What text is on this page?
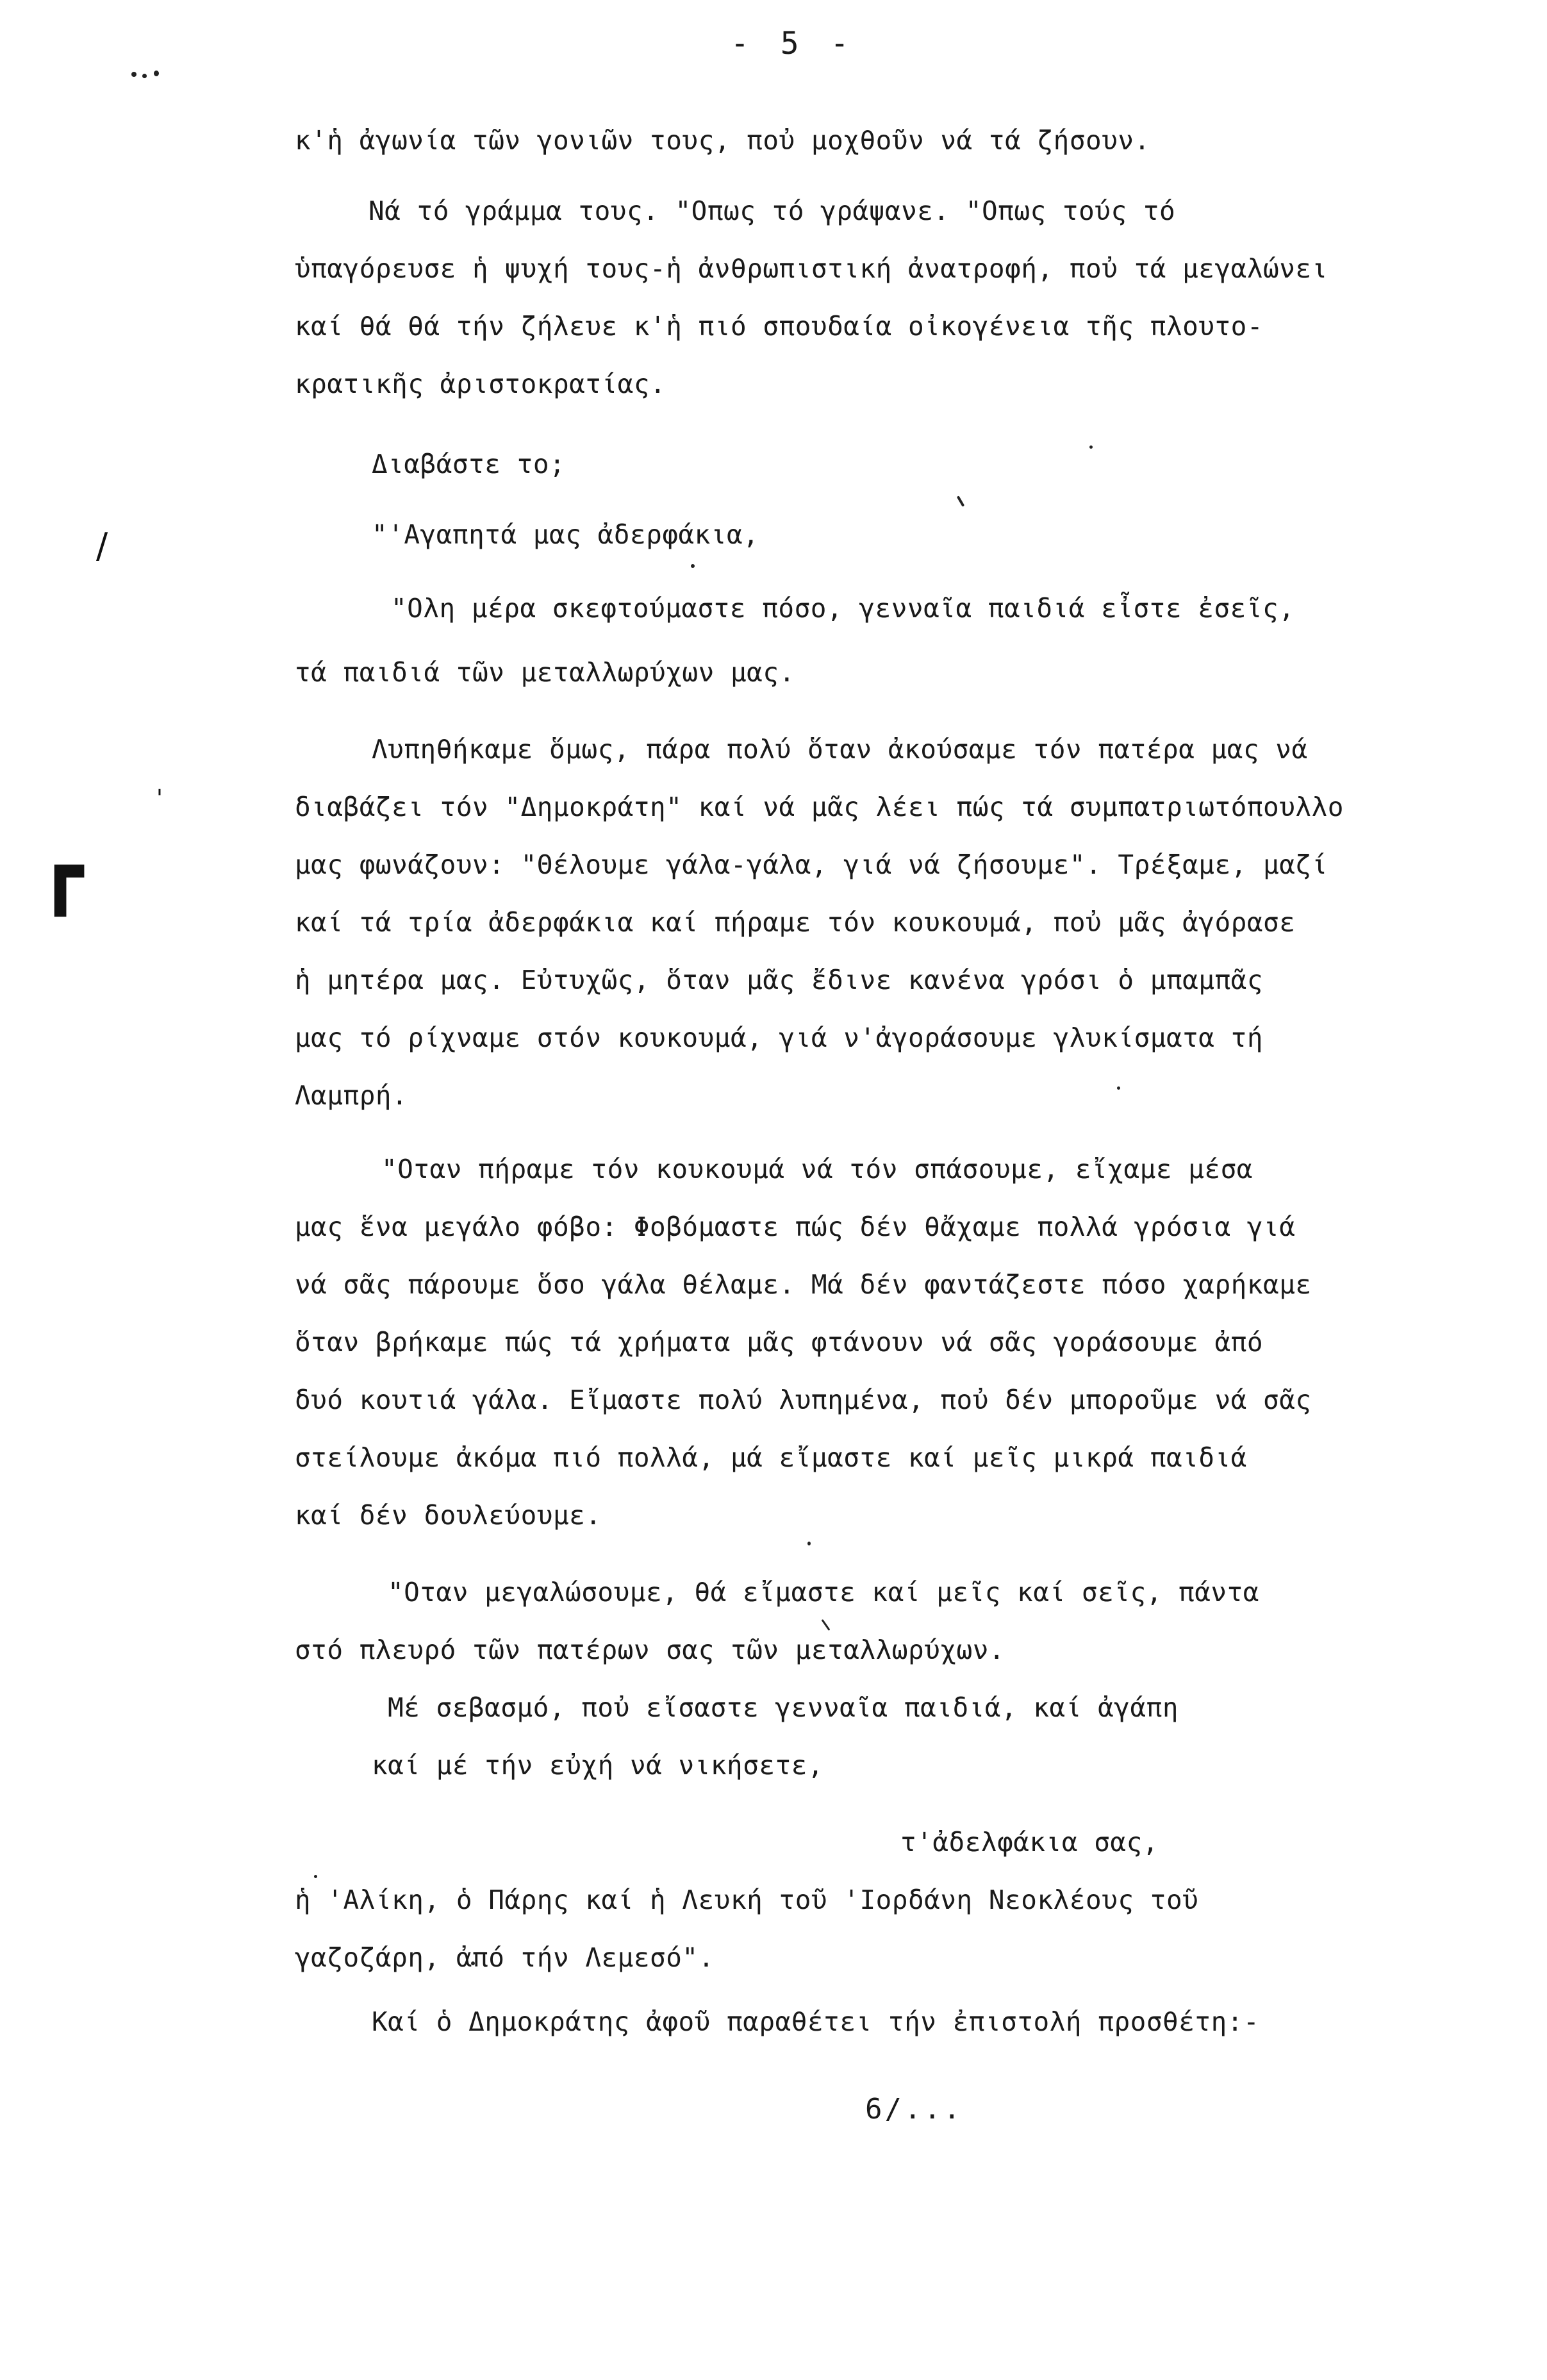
- 5 -
/
'
┏
κ'ἡ ἀγωνία τῶν γονιῶν τους, ποὐ μοχθοῦν νά τά ζήσουν.
Νά τό γράμμα τους. "Οπως τό γράψανε. "Οπως τούς τό
ὑπαγόρευσε ἡ ψυχή τους-ἡ ἀνθρωπιστική ἀνατροφή, ποὐ τά μεγαλώνει
καί θά θά τήν ζήλευε κ'ἡ πιό σπουδαία οἰκογένεια τῆς πλουτο-
κρατικῆς ἀριστοκρατίας.
Διαβάστε το;
"'Αγαπητά μας ἀδερφάκια,
"Ολη μέρα σκεφτούμαστε πόσο, γενναῖα παιδιά εἶστε ἐσεῖς,
τά παιδιά τῶν μεταλλωρύχων μας.
Λυπηθήκαμε ὅμως, πάρα πολύ ὅταν ἀκούσαμε τόν πατέρα μας νά
διαβάζει τόν "Δημοκράτη" καί νά μᾶς λέει πώς τά συμπατριωτόπουλλο
μας φωνάζουν: "Θέλουμε γάλα-γάλα, γιά νά ζήσουμε". Τρέξαμε, μαζί
καί τά τρία ἀδερφάκια καί πήραμε τόν κουκουμά, ποὐ μᾶς ἀγόρασε
ἡ μητέρα μας. Εὐτυχῶς, ὅταν μᾶς ἔδινε κανένα γρόσι ὁ μπαμπᾶς
μας τό ρίχναμε στόν κουκουμά, γιά ν'ἀγοράσουμε γλυκίσματα τή
Λαμπρή.
"Οταν πήραμε τόν κουκουμά νά τόν σπάσουμε, εἴχαμε μέσα
μας ἕνα μεγάλο φόβο: Φοβόμαστε πώς δέν θἄχαμε πολλά γρόσια γιά
νά σᾶς πάρουμε ὅσο γάλα θέλαμε. Μά δέν φαντάζεστε πόσο χαρήκαμε
ὅταν βρήκαμε πώς τά χρήματα μᾶς φτάνουν νά σᾶς γοράσουμε ἀπό
δυό κουτιά γάλα. Εἴμαστε πολύ λυπημένα, ποὐ δέν μποροῦμε νά σᾶς
στείλουμε ἀκόμα πιό πολλά, μά εἴμαστε καί μεῖς μικρά παιδιά
καί δέν δουλεύουμε.
"Οταν μεγαλώσουμε, θά εἴμαστε καί μεῖς καί σεῖς, πάντα
στό πλευρό τῶν πατέρων σας τῶν μεταλλωρύχων.
Μέ σεβασμό, ποὐ εἴσαστε γενναῖα παιδιά, καί ἀγάπη
καί μέ τήν εὐχή νά νικήσετε,
τ'ἀδελφάκια σας,
ἡ 'Αλίκη, ὁ Πάρης καί ἡ Λευκή τοῦ 'Ιορδάνη Νεοκλέους τοῦ
γαζοζάρη, ἀπό τήν Λεμεσό".
Καί ὁ Δημοκράτης ἀφοῦ παραθέτει τήν ἐπιστολή προσθέτη:-
6/...
